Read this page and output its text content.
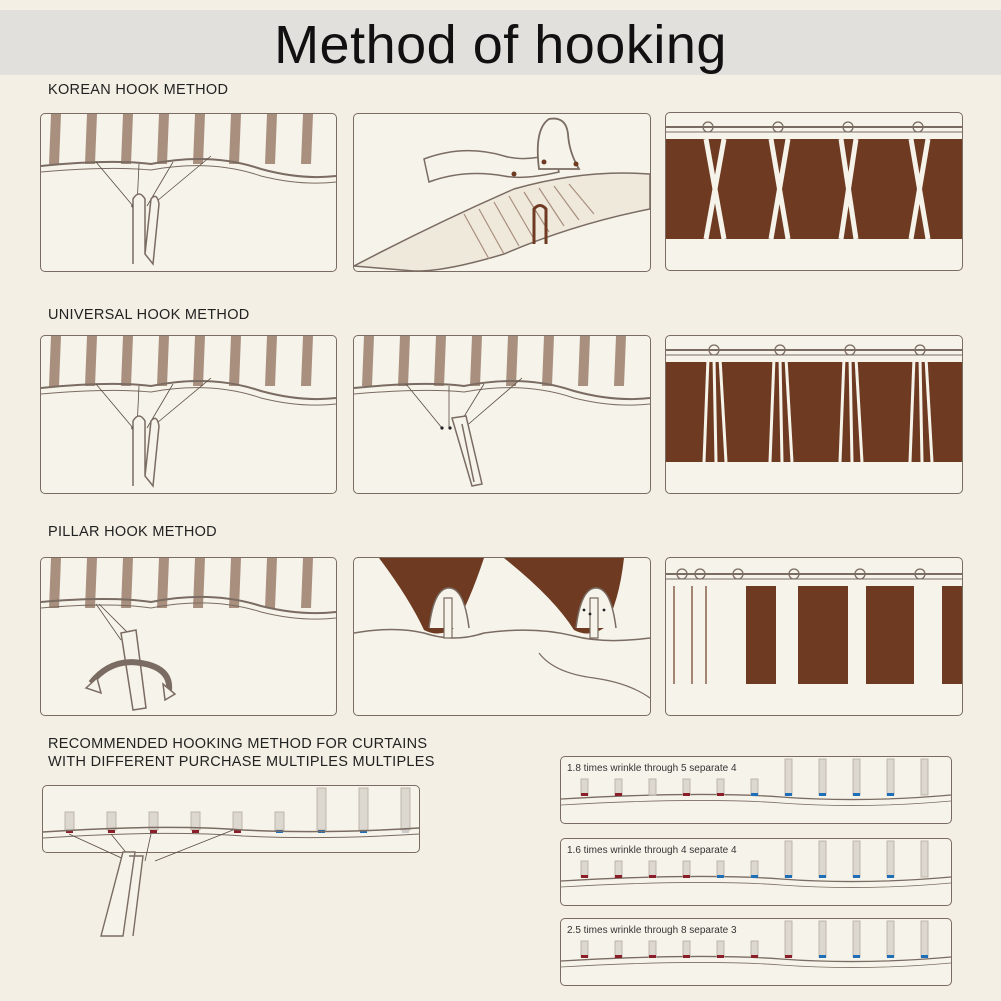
Method of hooking
KOREAN HOOK METHOD
UNIVERSAL HOOK METHOD
PILLAR HOOK METHOD
RECOMMENDED HOOKING METHOD FOR CURTAINS
WITH DIFFERENT PURCHASE MULTIPLES MULTIPLES	1.8 times wrinkle through 5 separate 4
1.6 times wrinkle through 4 separate 4
2.5 times wrinkle through 8 separate 3
